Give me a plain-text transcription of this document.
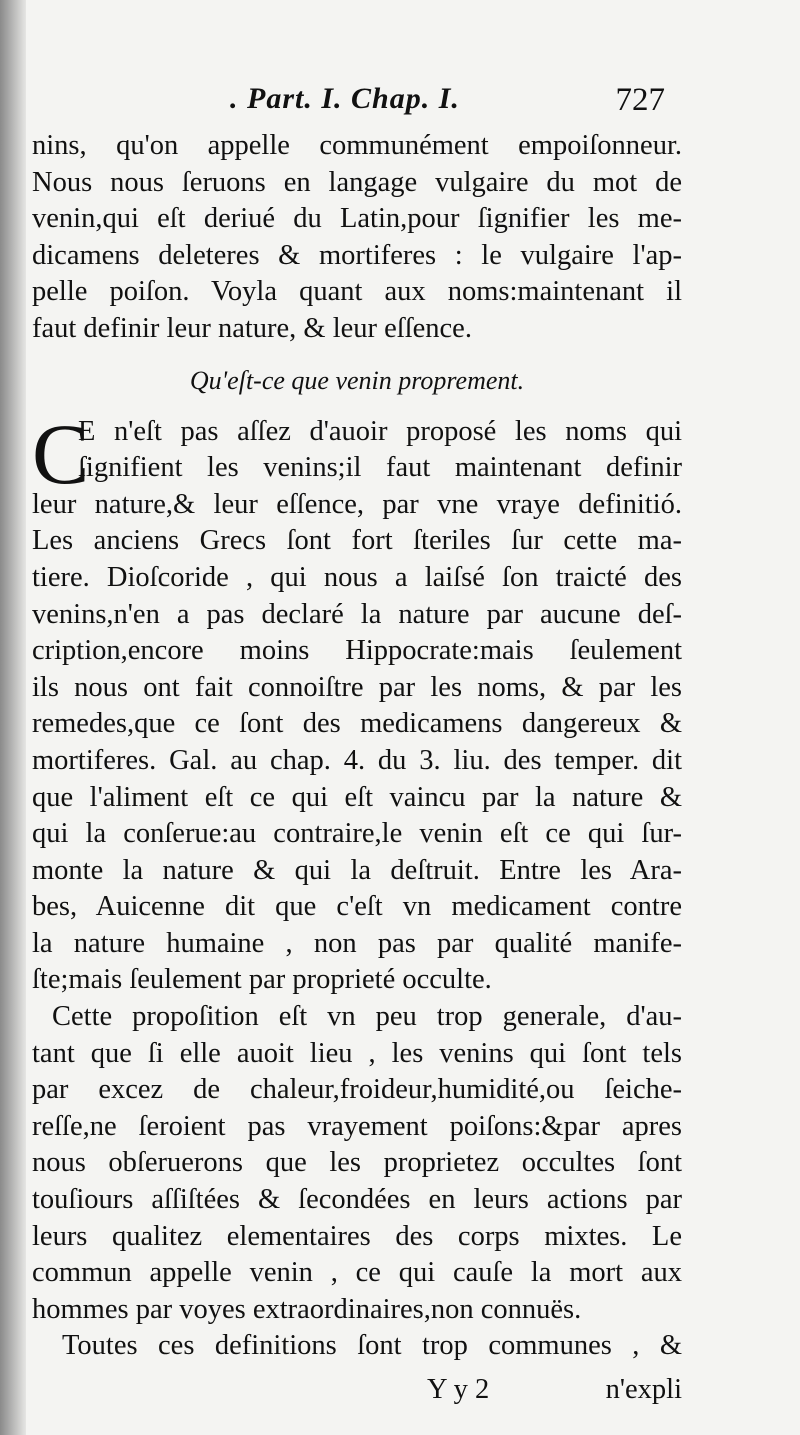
. Part. I. Chap. I.	727
nins, qu'on appelle communément empoiſonneur.
Nous nous ſeruons en langage vulgaire du mot de
venin,qui eſt deriué du Latin,pour ſignifier les me-
dicamens deleteres & mortiferes : le vulgaire l'ap-
pelle poiſon. Voyla quant aux noms:maintenant il
faut definir leur nature, & leur eſſence.
Qu'eſt-ce que venin proprement.
C
E n'eſt pas aſſez d'auoir proposé les noms qui
ſignifient les venins;il faut maintenant definir
leur nature,& leur eſſence, par vne vraye definitió.
Les anciens Grecs ſont fort ſteriles ſur cette ma-
tiere. Dioſcoride , qui nous a laiſsé ſon traicté des
venins,n'en a pas declaré la nature par aucune deſ-
cription,encore moins Hippocrate:mais ſeulement
ils nous ont fait connoiſtre par les noms, & par les
remedes,que ce ſont des medicamens dangereux &
mortiferes. Gal. au chap. 4. du 3. liu. des temper. dit
que l'aliment eſt ce qui eſt vaincu par la nature &
qui la conſerue:au contraire,le venin eſt ce qui ſur-
monte la nature & qui la deſtruit. Entre les Ara-
bes, Auicenne dit que c'eſt vn medicament contre
la nature humaine , non pas par qualité manife-
ſte;mais ſeulement par proprieté occulte.
Cette propoſition eſt vn peu trop generale, d'au-
tant que ſi elle auoit lieu , les venins qui ſont tels
par excez de chaleur,froideur,humidité,ou ſeiche-
reſſe,ne ſeroient pas vrayement poiſons:&par apres
nous obſeruerons que les proprietez occultes ſont
touſiours aſſiſtées & ſecondées en leurs actions par
leurs qualitez elementaires des corps mixtes. Le
commun appelle venin , ce qui cauſe la mort aux
hommes par voyes extraordinaires,non connuës.
Toutes ces definitions ſont trop communes , &
Y y 2	n'expli
